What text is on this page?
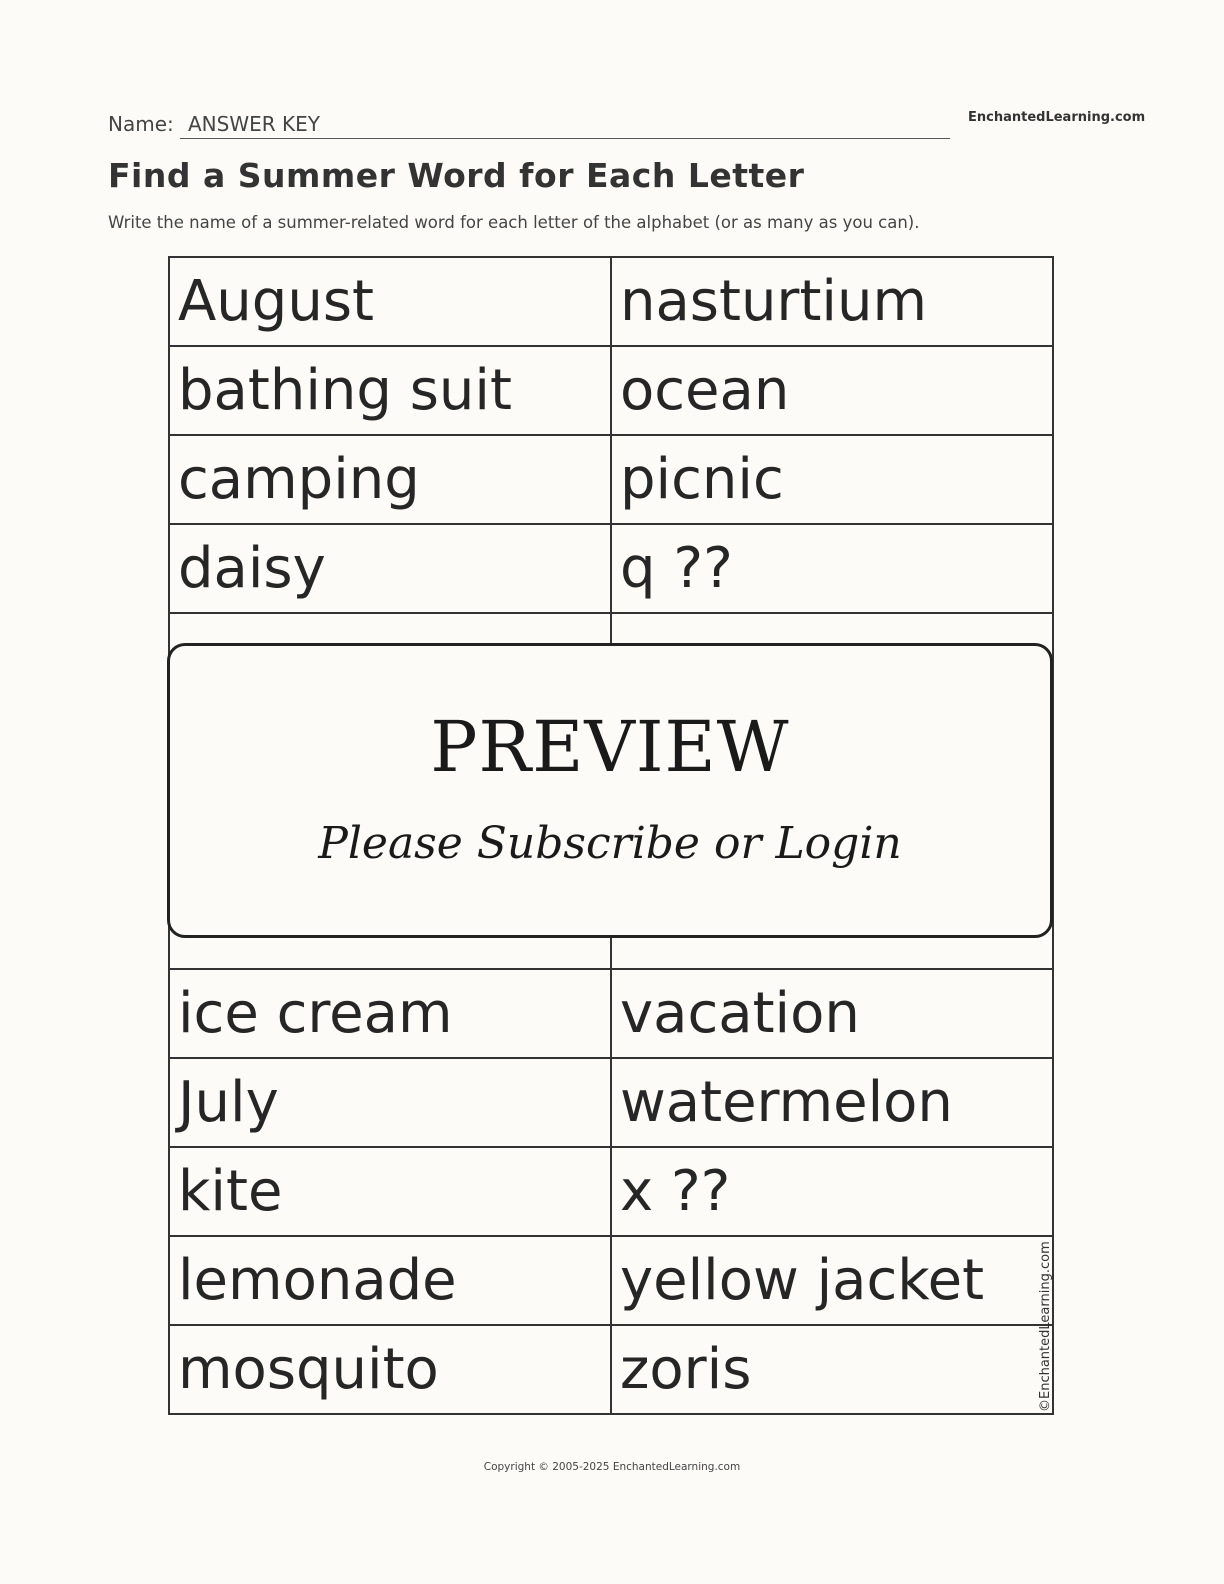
Name: ANSWER KEY	EnchantedLearning.com
Find a Summer Word for Each Letter
Write the name of a summer-related word for each letter of the alphabet (or as many as you can).
August	nasturtium
bathing suit	ocean
camping	picnic
daisy	q ??

ice cream	vacation
July	watermelon
kite	x ??
lemonade	yellow jacket
mosquito	zoris
PREVIEW
Please Subscribe or Login
©EnchantedLearning.com
Copyright © 2005-2025 EnchantedLearning.com
